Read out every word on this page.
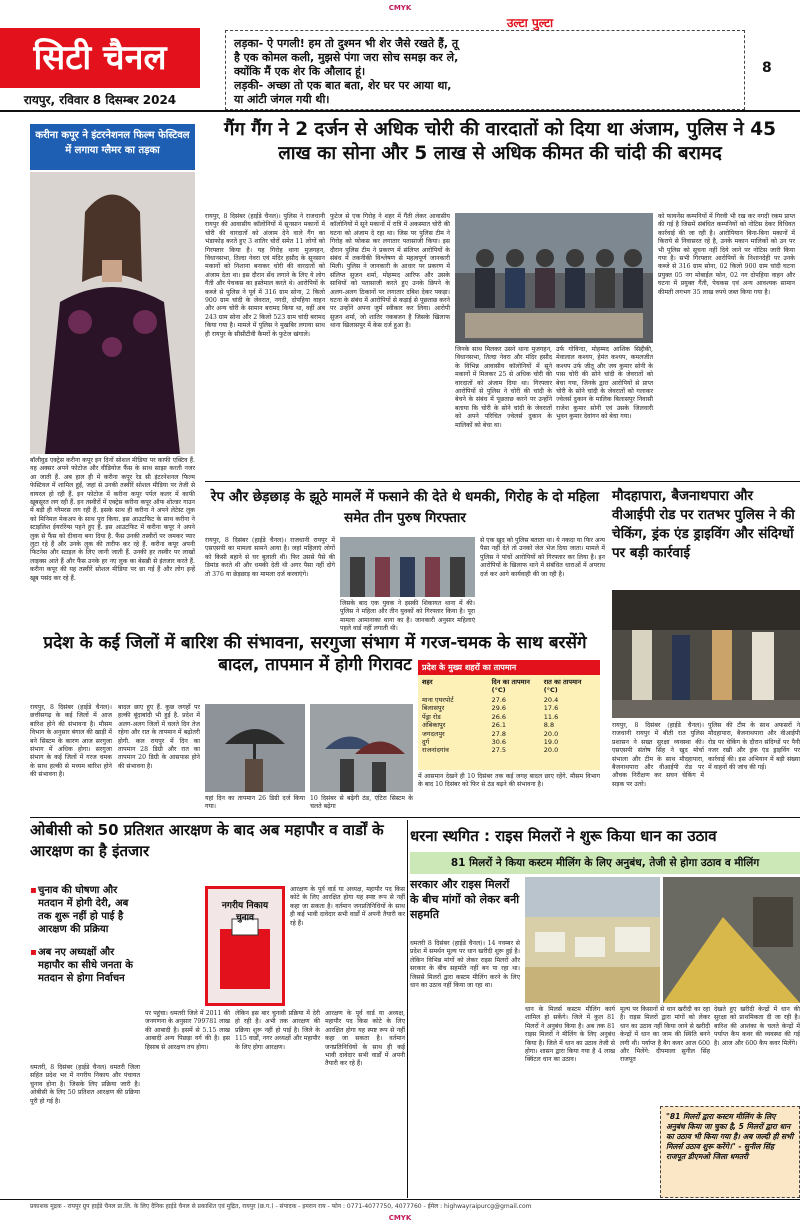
CMYK
सिटी चैनल
रायपुर, रविवार 8 दिसम्बर 2024
उल्टा पुल्टा
लड़का- ऐ पगली! हम तो दुश्मन भी शेर जैसे रखते हैं, तू
है एक कोमल कली, मुझसे पंगा जरा सोच समझ कर ले,
क्योंकि मैं एक शेर कि औलाद हूं।
लड़की- अच्छा तो एक बात बता, शेर घर पर आया था,
या आंटी जंगल गयी थी।
8
करीना कपूर ने इंटरनेशनल फिल्म फेस्टिवल में लगाया ग्लैमर का तड़का
बॉलीवुड एक्ट्रेस करीना कपूर इन दिनों सोशल मीडिया पर काफी एक्टिव हैं. वह अक्सर अपने फोटोज और वीडियोज फैंस के साथ साझा करती नजर आ जाती हैं. अब हाल ही में करीना कपूर रेड सी इंटरनेशनल फिल्म फेस्टिवल में शामिल हुईं, जहां से उनकी तस्वीरें सोशल मीडिया पर तेजी से वायरल हो रही हैं. इन फोटोज में करीना कपूर पर्पल कलर में काफी खूबसूरत लग रही हैं. इन तस्वीरों में एक्ट्रेस करीना कपूर ऑफ शोल्डर गाउन में बड़ी ही ग्लैमरस लग रही हैं. इसके साथ ही करीना ने अपने लेटेस्ट लुक को मिनिमल मेकअप के साथ पूरा किया. इस आउटफिट के साथ करीना ने स्टाइलिश ईयररिंग्स पहने हुए हैं. इस आउटफिट में करीना कपूर ने अपने लुक से फैंस को दीवाना बना दिया है. फैंस उनकी तस्वीरों पर जमकर प्यार लुटा रहे हैं और उनके लुक की तारीफ कर रहे हैं. करीना कपूर अपनी फिटनेस और स्टाइल के लिए जानी जाती हैं. उनकी हर तस्वीर पर लाखों लाइक्स आते हैं और फैंस उनके हर नए लुक का बेसब्री से इंतजार करते हैं. करीना कपूर की यह तस्वीरें सोशल मीडिया पर छा गई हैं और लोग इन्हें खूब पसंद कर रहे हैं.
गैंग गैंग ने 2 दर्जन से अधिक चोरी की वारदातों को दिया था अंजाम, पुलिस ने 45 लाख का सोना और 5 लाख से अधिक कीमत की चांदी की बरामद
रायपुर, 8 दिसंबर (हाईडे चैनल)। पुलिस ने राजधानी रायपुर की आवासीय कॉलोनियों में सूनसान मकानों में चोरी की वारदातों को अंजाम देने वाले गैंग का भंडाफोड़ करते हुए 3 शातिर चोरों समेत 11 लोगों को गिरफ्तार किया है। यह गिरोह थाना मुजगहन, विधानसभा, तिल्दा नेवरा एवं मंदिर हसौद के सूनसान मकानों को निशाना बनाकर चोरी की वारदातों को अंजाम देता था। इस दौरान सेंध लगाने के लिए ये लोग गैंती और पेचकस का इस्तेमाल करते थे। आरोपियों के कब्जे से पुलिस ने पूर्व में 316 ग्राम सोना, 2 किलो 900 ग्राम चांदी के जेवरात, नगदी, दोपहिया वाहन और अन्य चोरी के सामान बरामद किया था, वहीं अब 243 ग्राम सोना और 2 किलो 523 ग्राम चांदी बरामद किया गया है। मामले में पुलिस ने मुखबिर लगाया साथ ही रायपुर के सीसीटीवी कैमरों के फुटेज खंगाले।
फुटेज से एक गिरोह ने शहर में गैंती लेकर आवासीय कॉलोनियों में सूने मकानों में रात्रि में अकस्मात चोरी की घटना को अंजाम दे रहा था। जिस पर पुलिस टीम ने गिरोह को फोकस कर लगातार पतासाजी किया। इस दौरान पुलिस टीम ने प्रकरण में संलिप्त आरोपियों के संबंध में तकनीकी विश्लेषण से महत्वपूर्ण जानकारी मिली। पुलिस ने जानकारी के आधार पर प्रकरण में संलिप्त सुजन शर्मा, मोहम्मद आरिफ और उसके साथियों को पतासाजी करते हुए उनके छिपने के अलग-अलग ठिकानों पर लगातार दबिश देकर पकड़ा। घटना के संबंध में आरोपियों से कड़ाई से पूछताछ करने पर उन्होंने अपना जुर्म स्वीकार कर लिया। आरोपी सुजन शर्मा, जो शातिर नकबजन है जिसके खिलाफ थाना खिलासपुर में केस दर्ज हुआ है।
जिनके साथ मिलकर उसने थाना मुजगहन, विधानसभा, तिल्दा नेवरा और मंदिर हसौद के विभिन्न आवासीय कॉलोनियों में सूने मकानों में मिलकर 25 से अधिक चोरी की वारदातों को अंजाम दिया था। गिरफ्तार आरोपियों से पुलिस ने चोरी की चांदी के बेचने के संबंध में पूछताछ करने पर उन्होंने बताया कि चोरी के सोने चांदी के जेवरातों को अपने परिचित ज्वेलर्स दुकान के मालिकों को बेचा था।
उर्फ गोविन्दा, मोहम्मद आशिक सिद्दीकी, मेवालाल कश्यप, हेमंत कश्यप, कमलजीत कश्यप उर्फ जीतू और जय कुमार सोनी के पास चोरी की सोने चांदी के जेवरातों को बेचा गया, जिनके द्वारा आरोपियों से प्राप्त चोरी के सोने चांदी के जेवरातों को गलाकर ज्वेलर्स दुकान के मालिक बिलासपुर निवासी राजेश कुमार सोनी एवं उसके जिलवारी भुवन कुमार देवांगन को बेचा गया।
को फायनेंस कम्पनियों में गिरवी भी रख कर नगदी रकम प्राप्त की गई है जिसमें संबंधित कम्पनियों को नोटिस देकर विधिवत कार्रवाई की जा रही है। आरोपियान बिना-बिना मकानों में किराये से निवासरत रहे है, उनके मकान मालिकों को उन पर भी पुलिस को सूचना नहीं दिये जाने पर नोटिस जारी किया गया है। सभी गिरफ्तार आरोपियों के निशानदेही पर उनके कब्जे से 316 ग्राम सोना, 02 किलो 900 ग्राम चांदी घटना प्रयुक्त 05 नग मोबाईल फोन, 02 नग दोपहिया वाहन और घटना में प्रयुक्त गैंती, पेचकस एवं अन्य आवश्यक सामान कीमती लगभग 35 लाख रुपये जब्त किया गया है।
रेप और छेड़छाड़ के झूठे मामलें में फसाने की देते थे धमकी, गिरोह के दो महिला समेत तीन पुरुष गिरफ्तार
रायपुर, 8 दिसंबर (हाईडे चैनल)। राजधानी रायपुर में एसएसपी का मामला सामने आया है। जहां महिलाएं लोगों को किसी बहाने से घर बुलाती थी। फिर उससे पैसे की डिमांड करते थी और धमकी देती थी अगर पैसा नहीं दोगे तो 376 या छेड़छाड़ का मामला दर्ज करवाएंगे।
जिसके बाद एक युवक ने इसकी शिकायत थाना में की। पुलिस ने महिला और तीन युवकों को गिरफ्तार किया है। पूरा मामला आमानाका थाना का है। जानकारी अनुसार महिलाएं पहले वार्ड नहीं लगाती थी।
से एक खुद को पुलिस बताता था। ये नकदा या फिर अन्य पैसा नहीं देते तो उनको जेल भेज दिया जाता। मामले में पुलिस ने पांचों आरोपियों को गिरफ्तार कर लिया है। इन आरोपियों के खिलाफ थाने में संबंधित धाराओं में अपराध दर्ज कर आगे कार्यवाही की जा रही है।
मौदहापारा, बैजनाथपारा और वीआईपी रोड पर रातभर पुलिस ने की चेकिंग, ड्रंक एंड ड्राइविंग और संदिग्धों पर बड़ी कार्रवाई
रायपुर, 8 दिसंबर (हाईडे चैनल)। राजधानी रायपुर में बीती रात पुलिस प्रशासन ने सख्त सुरक्षा व्यवस्था की। एसएसपी संतोष सिंह ने खुद मोर्चा संभाला और टीम के साथ मौदहापारा, बैजनाथपारा और वीआईपी रोड पर औचक निरीक्षण कर सघन चेकिंग में सड़क पर उतरे।
पुलिस की टीम के साथ अफसरों ने मौदहापारा, बैजनाथपारा और वीआईपी रोड पर चेकिंग के दौरान संदिग्धों पर पैनी नजर रखी और ड्रंक एंड ड्राइविंग पर कार्रवाई की। इस अभियान में बड़ी संख्या में वाहनों की जांच की गई।
प्रदेश के कई जिलों में बारिश की संभावना, सरगुजा संभाग में गरज-चमक के साथ बरसेंगे बादल, तापमान में होगी गिरावट
रायपुर, 8 दिसंबर (हाईडे चैनल)। छत्तीसगढ़ के कई जिलों में आज बारिश होने की संभावना है। मौसम विभाग के अनुसार बंगाल की खाड़ी में बने सिस्टम के कारण आज सरगुजा संभाग में अधिक होगा। सरगुजा संभाग के कई जिलों में गरज चमक के साथ हल्की से मध्यम बारिश होने की संभावना है।
बादल छाए हुए हैं. कुछ जगहों पर हल्की बूंदाबांदी भी हुई है. प्रदेश में अलग-अलग जिलों में चलते दिन तेज रहेगा और रात के तापमान में बढ़ोतरी होगी. कल रायपुर में दिन का तापमान 28 डिग्री और रात का तापमान 20 डिग्री के आसपास होने की संभावना है।
यहां दिन का तापमान 26 डिग्री दर्ज किया गया।
10 दिसंबर से बढ़ेगी ठंड, एंटिरा सिस्टम के चलते बढ़ेगा
प्रदेश के मुख्य शहरों का तापमान
शहर	दिन का तापमान (°C)
रात का तापमान (°C)
माना एयरपोर्ट	27.6	20.4
बिलासपुर	29.6	17.6
पेंड्रा रोड	26.6	11.6
अंबिकापुर	26.1	8.8
जगदलपुर	27.8	20.0
दुर्ग	30.6	19.0
राजनांदगांव	27.5	20.0
में आसमान देखने ही 10 दिसंबर तक कई जगह बादल छाए रहेंगे. मौसम विभाग के बाद 10 दिसंबर को फिर से ठंड बढ़ने की संभावना है।
ओबीसी को 50 प्रतिशत आरक्षण के बाद अब महापौर व वार्डों के आरक्षण का है इंतजार
▪ चुनाव की घोषणा और मतदान में होगी देरी, अब तक शुरू नहीं हो पाई है आरक्षण की प्रक्रिया
▪ अब नए अध्यक्षों और महापौर का सीधे जनता के मतदान से होगा निर्वाचन
धमतरी, 8 दिसंबर (हाईडे चैनल) धमतरी जिला सहित प्रदेश भर में नगरीय निकाय और पंचायत चुनाव होना है। जिसके लिए प्रक्रिया जारी है। ओबीसी के लिए 50 प्रतिशत आरक्षण की प्रक्रिया पूरी हो गई है।
नगरीय निकाय चुनाव
पर पहुंचा। धमतरी जिले में 2011 की जनगणना के अनुसार 799781 लाख की आबादी है। इसमें से 5.15 लाख आबादी अन्य पिछड़ा वर्ग की है। इस हिसाब से आरक्षण तय होगा।
लेकिन इस बार चुनावी प्रक्रिया में देरी हो रही है। अभी तक आरक्षण की प्रक्रिया शुरू नहीं हो पाई है। जिले के 115 वार्डों, नगर अध्यक्षों और महापौर के लिए होगा आरक्षण।
आरक्षण के पूर्व वार्ड या अध्यक्ष, महापौर पद किस कोटे के लिए आरक्षित होगा यह स्पष्ट रूप से नहीं कहा जा सकता है। वर्तमान जनप्रतिनिधियों के साथ ही कई भावी दावेदार सभी वार्डों में अपनी तैयारी कर रहे हैं।
आरक्षण के पूर्व वार्ड या अध्यक्ष, महापौर पद किस कोटे के लिए आरक्षित होगा यह स्पष्ट रूप से नहीं कहा जा सकता है। वर्तमान जनप्रतिनिधियों के साथ ही कई भावी दावेदार सभी वार्डों में अपनी तैयारी कर रहे हैं।
धरना स्थगित : राइस मिलरों ने शुरू किया धान का उठाव
81 मिलरों ने किया कस्टम मीलिंग के लिए अनुबंध, तेजी से होगा उठाव व मीलिंग
सरकार और राइस मिलरों के बीच मांगों को लेकर बनी सहमति
धमतरी 8 दिसंबर (हाईडे चैनल)। 14 नवम्बर से प्रदेश में समर्थन मूल्य पर धान खरीदी शुरू हुई है। लेकिन विभिन्न मांगों को लेकर राइस मिलरों और सरकार के बीच सहमति नहीं बन पा रहा था। जिससे मिलरों द्वारा कस्टम मीलिंग करने के लिए धान का उठाव नहीं किया जा रहा था।
धान के मिलर्स कस्टम मीलिंग कार्य शामिल हो सकेंगे। जिले में कुल 81 मिलरों ने अनुबंध किया है। अब तक 81 राइस मिलरों ने मीलिंग के लिए अनुबंध किया है। जिले में धान का उठाव तेजी से होगा। शासन द्वारा किया गया है 4 लाख क्विंटल धान का उठाव।
मूल्य पर किसानों से धान खरीदी का रहा है। राइस मिलरों द्वारा मांगों को लेकर धान का उठाव नहीं किया जाने से खरीदी केन्द्रों में धान का जाम की स्थिति बनने लगी थी। पर्याप्त है बैग कवर आज 600 और मिलेंगे: दीपमाला सुनील सिंह राजपूत
देखते हुए खरीदी केन्द्रों में धान की सुरक्षा को प्राथमिकता दी जा रही है। बारिश की आशंका के चलते केन्द्रों में पर्याप्त कैप कवर की व्यवस्था की गई है। आज और 600 कैप कवर मिलेंगे।
"81 मिलरों द्वारा कस्टम मीलिंग के लिए अनुबंध किया जा चुका है, 5 मिलरों द्वारा धान का उठाव भी किया गया है। अब जल्दी ही सभी मिलर्स उठाव शुरू करेंगे।" - सुनील सिंह राजपूत डीएमओ जिला धमतरी
प्रकाशक मुद्रक - रायपुर ग्रुप हाईडे चैनल प्रा.लि. के लिए दैनिक हाईडे चैनल से प्रकाशित एवं मुद्रित, रायपुर (छ.ग.) - संपादक - इमरान राय - फोन : 0771-4077750, 4077760 - ईमेल : highwayraipurcg@gmail.com
CMYK
